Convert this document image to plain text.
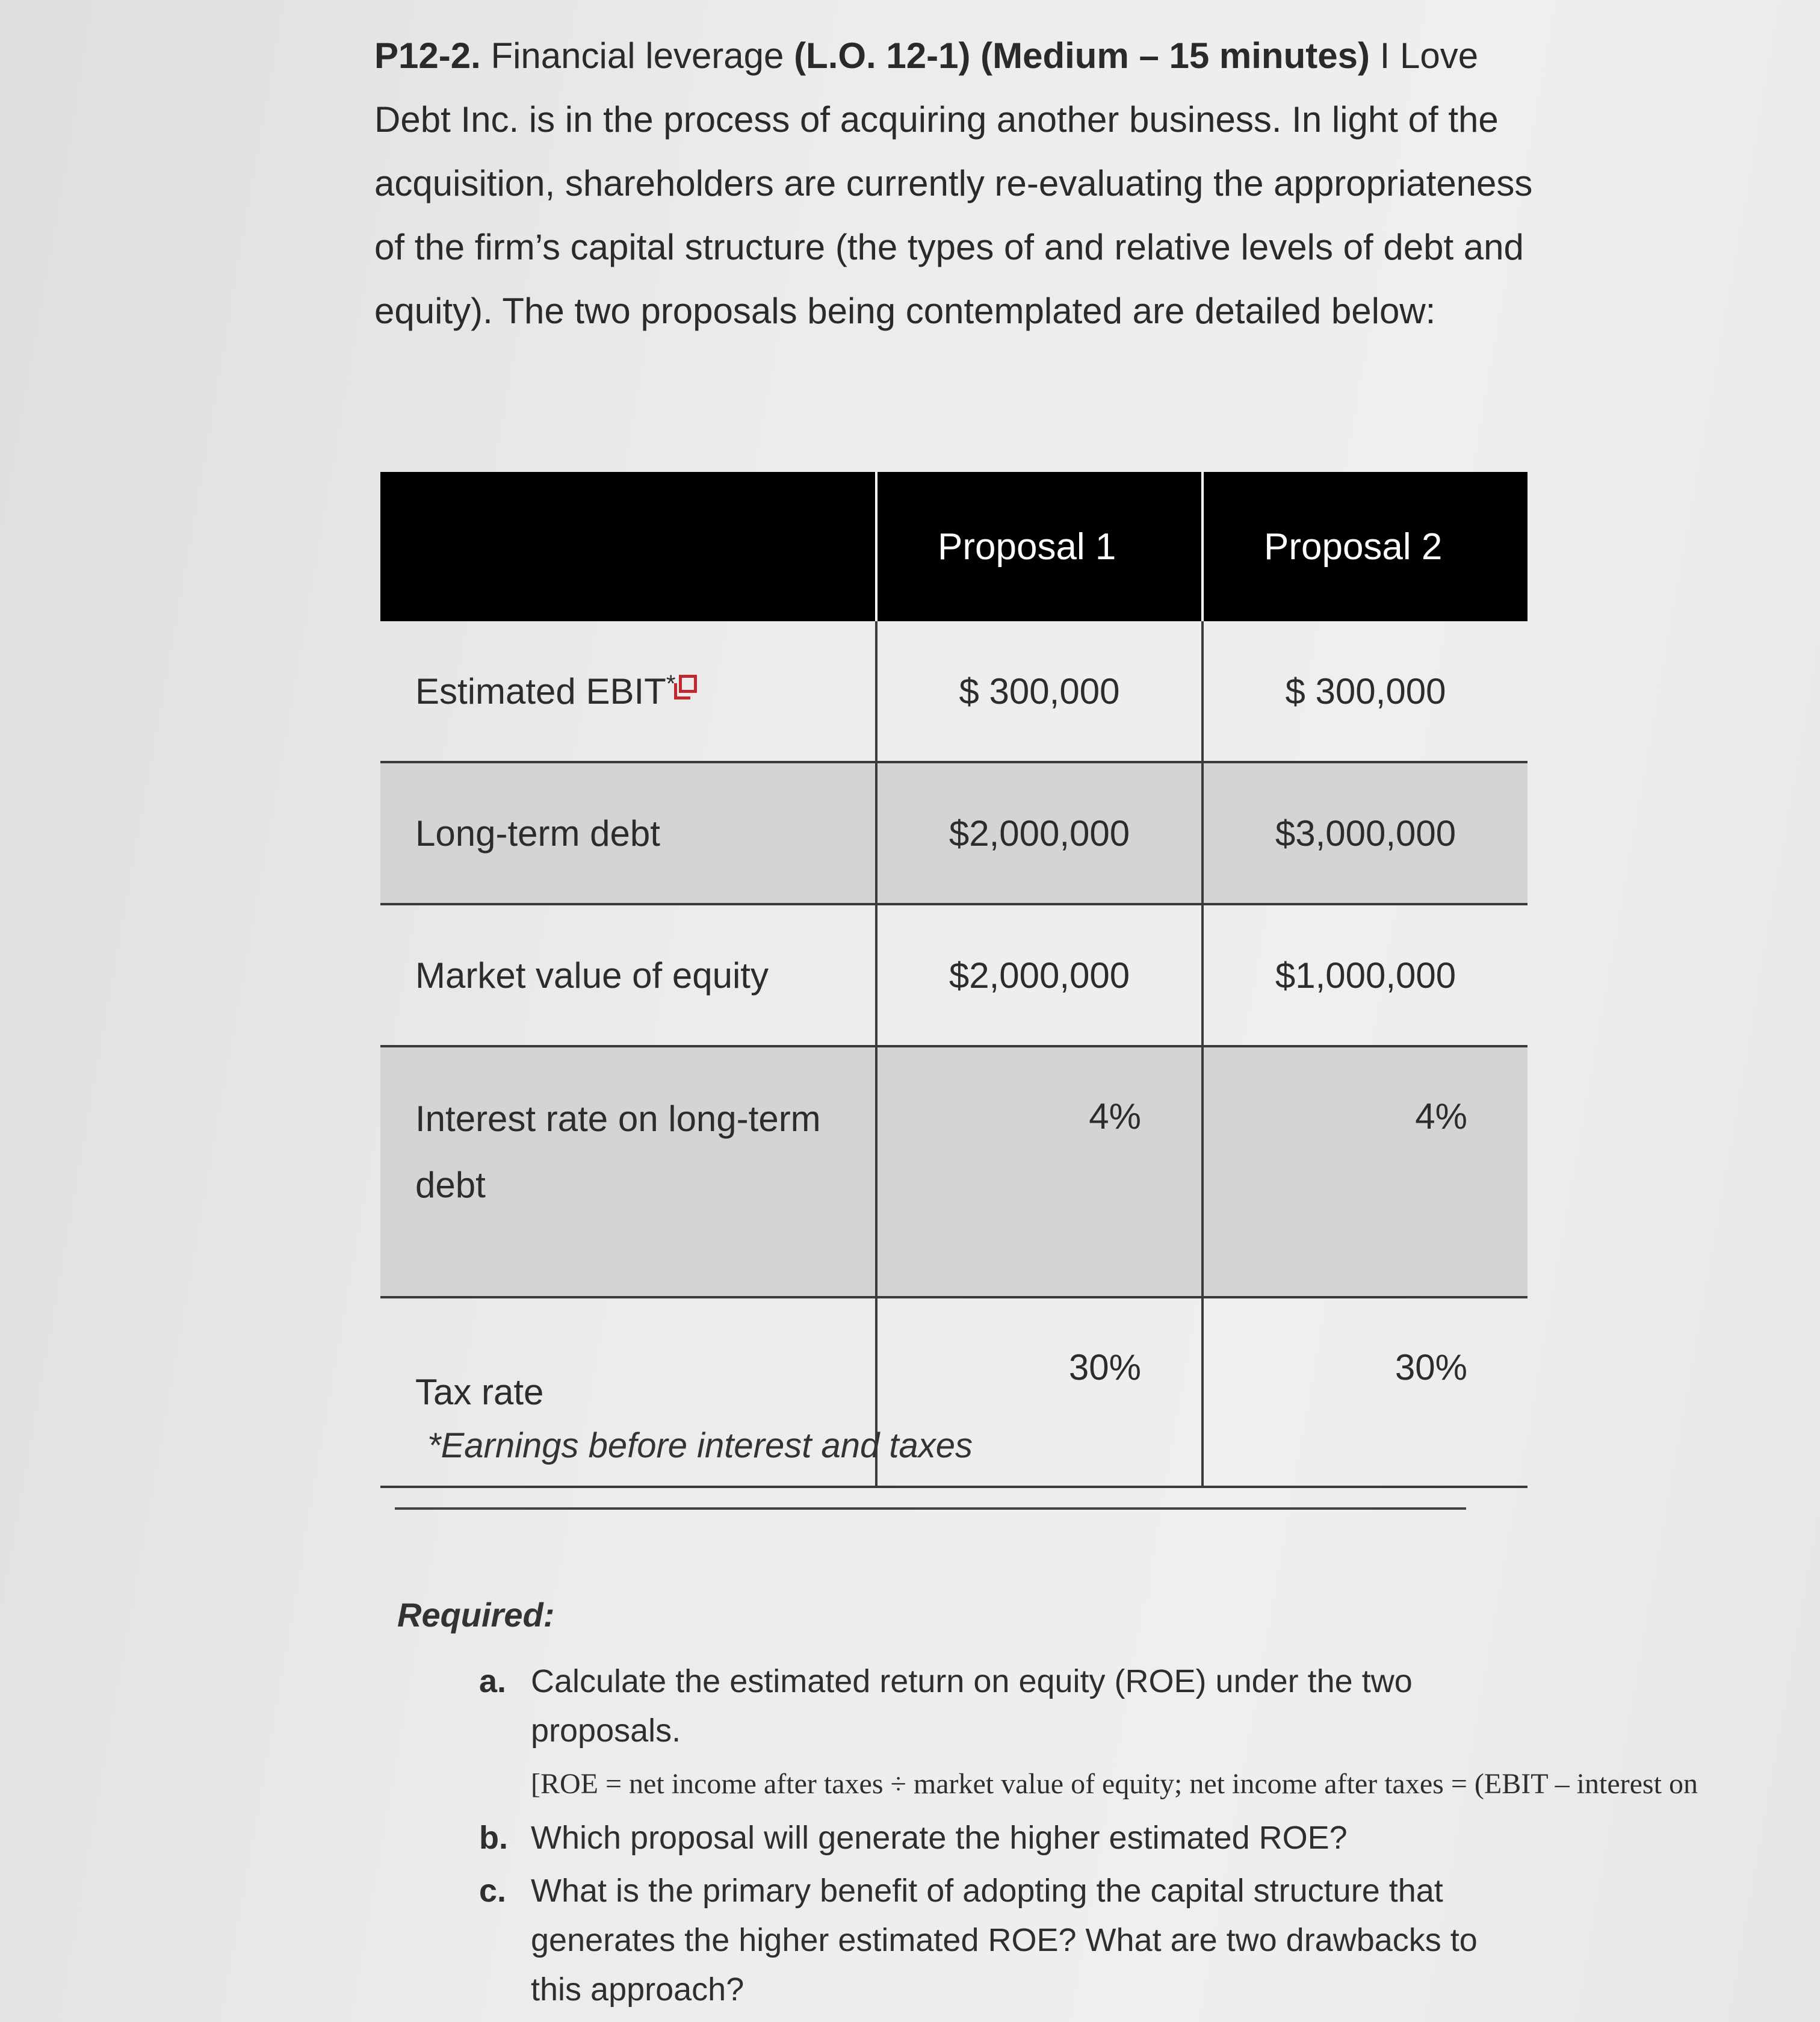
P12-2. Financial leverage (L.O. 12-1) (Medium – 15 minutes) I Love Debt Inc. is in the process of acquiring another business. In light of the acquisition, shareholders are currently re-evaluating the appropriateness of the firm’s capital structure (the types of and relative levels of debt and equity). The two proposals being contemplated are detailed below:
	Proposal 1	Proposal 2
Estimated EBIT*	$ 300,000	$ 300,000
Long-term debt	$2,000,000	$3,000,000
Market value of equity	$2,000,000	$1,000,000
Interest rate on long-term debt	4%	4%
Tax rate	30%	30%
*Earnings before interest and taxes
Required:
a. Calculate the estimated return on equity (ROE) under the two proposals.
[ROE = net income after taxes ÷ market value of equity; net income after taxes = (EBIT – interest on
b. Which proposal will generate the higher estimated ROE?
c. What is the primary benefit of adopting the capital structure that generates the higher estimated ROE? What are two drawbacks to this approach?
